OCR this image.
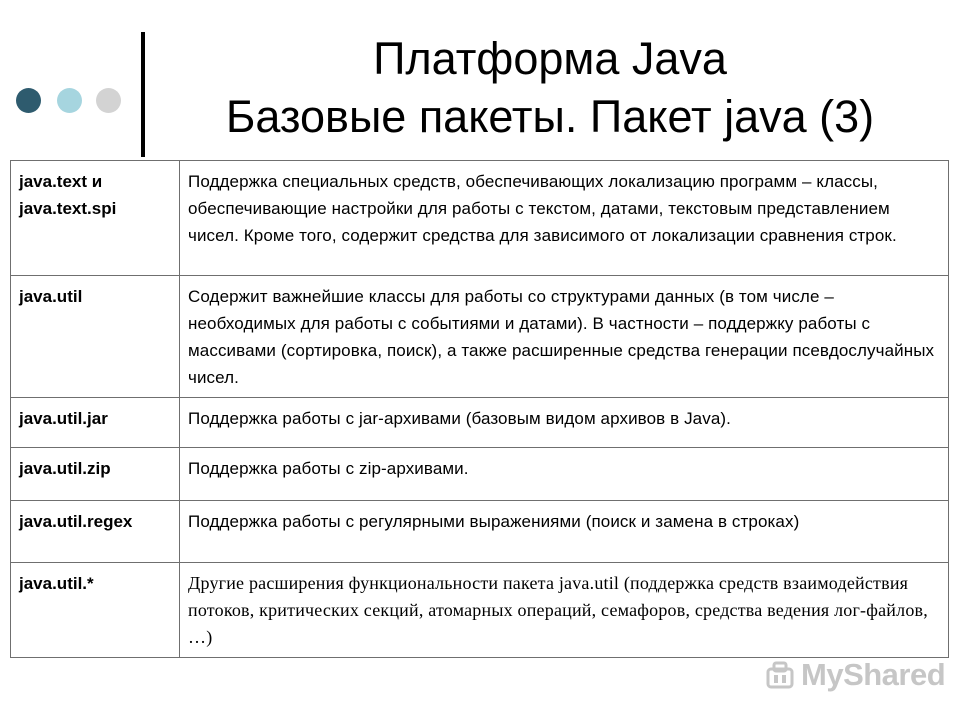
Платформа Java
Базовые пакеты. Пакет java (3)
java.text и java.text.spi	Поддержка специальных средств, обеспечивающих локализацию программ – классы, обеспечивающие настройки для работы с текстом, датами, текстовым представлением чисел. Кроме того, содержит средства для зависимого от локализации сравнения строк.
java.util	Содержит важнейшие классы для работы со структурами данных (в том числе – необходимых для работы с событиями и датами). В частности – поддержку работы с массивами (сортировка, поиск), а также расширенные средства генерации псевдослучайных чисел.
java.util.jar	Поддержка работы с jar-архивами (базовым видом архивов в Java).
java.util.zip	Поддержка работы с zip-архивами.
java.util.regex	Поддержка работы с регулярными выражениями (поиск и замена в строках)
java.util.*	Другие расширения функциональности пакета java.util (поддержка средств взаимодействия потоков, критических секций, атомарных операций, семафоров, средства ведения лог-файлов, …)
MyShared
